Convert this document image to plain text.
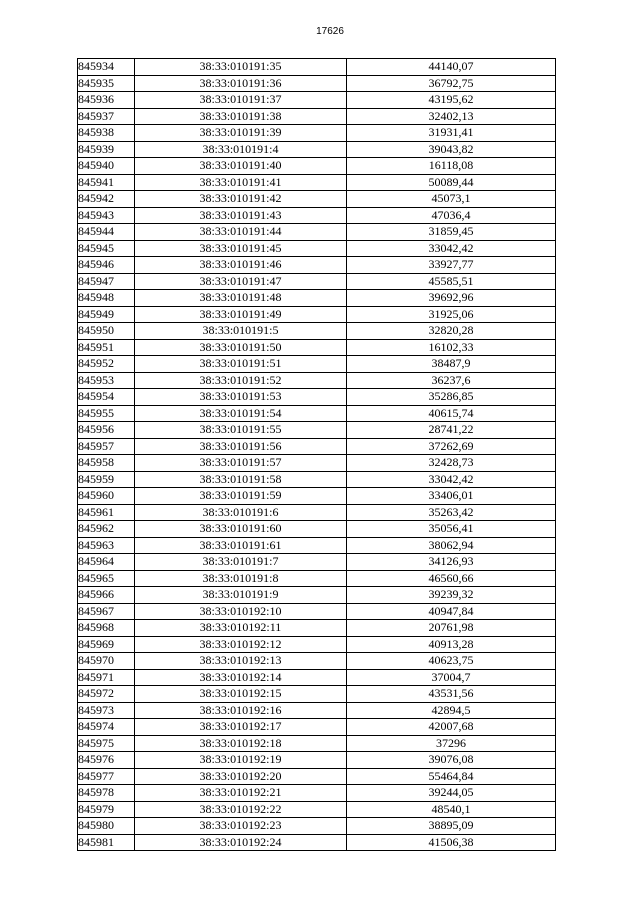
17626
845934	38:33:010191:35	44140,07
845935	38:33:010191:36	36792,75
845936	38:33:010191:37	43195,62
845937	38:33:010191:38	32402,13
845938	38:33:010191:39	31931,41
845939	38:33:010191:4	39043,82
845940	38:33:010191:40	16118,08
845941	38:33:010191:41	50089,44
845942	38:33:010191:42	45073,1
845943	38:33:010191:43	47036,4
845944	38:33:010191:44	31859,45
845945	38:33:010191:45	33042,42
845946	38:33:010191:46	33927,77
845947	38:33:010191:47	45585,51
845948	38:33:010191:48	39692,96
845949	38:33:010191:49	31925,06
845950	38:33:010191:5	32820,28
845951	38:33:010191:50	16102,33
845952	38:33:010191:51	38487,9
845953	38:33:010191:52	36237,6
845954	38:33:010191:53	35286,85
845955	38:33:010191:54	40615,74
845956	38:33:010191:55	28741,22
845957	38:33:010191:56	37262,69
845958	38:33:010191:57	32428,73
845959	38:33:010191:58	33042,42
845960	38:33:010191:59	33406,01
845961	38:33:010191:6	35263,42
845962	38:33:010191:60	35056,41
845963	38:33:010191:61	38062,94
845964	38:33:010191:7	34126,93
845965	38:33:010191:8	46560,66
845966	38:33:010191:9	39239,32
845967	38:33:010192:10	40947,84
845968	38:33:010192:11	20761,98
845969	38:33:010192:12	40913,28
845970	38:33:010192:13	40623,75
845971	38:33:010192:14	37004,7
845972	38:33:010192:15	43531,56
845973	38:33:010192:16	42894,5
845974	38:33:010192:17	42007,68
845975	38:33:010192:18	37296
845976	38:33:010192:19	39076,08
845977	38:33:010192:20	55464,84
845978	38:33:010192:21	39244,05
845979	38:33:010192:22	48540,1
845980	38:33:010192:23	38895,09
845981	38:33:010192:24	41506,38
